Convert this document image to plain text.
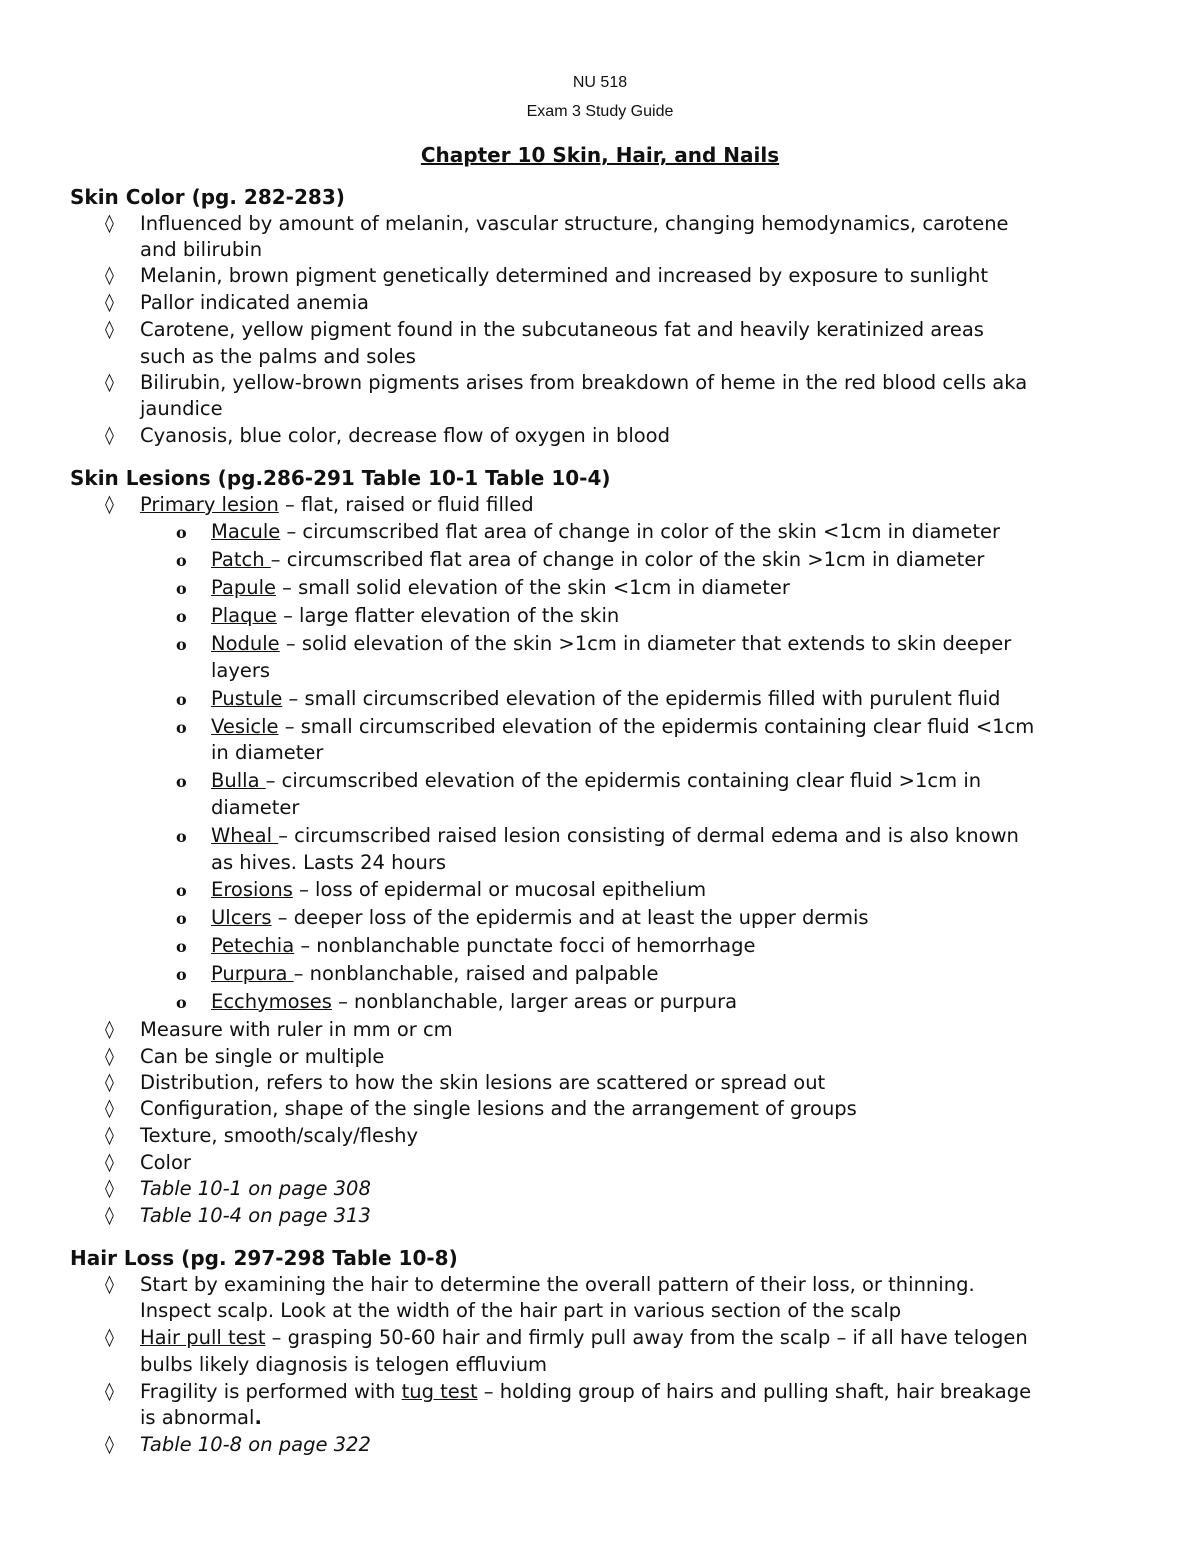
NU 518
Exam 3 Study Guide
Chapter 10 Skin, Hair, and Nails
Skin Color (pg. 282-283)
◊ Influenced by amount of melanin, vascular structure, changing hemodynamics, carotene
and bilirubin
◊ Melanin, brown pigment genetically determined and increased by exposure to sunlight
◊ Pallor indicated anemia
◊ Carotene, yellow pigment found in the subcutaneous fat and heavily keratinized areas
such as the palms and soles
◊ Bilirubin, yellow-brown pigments arises from breakdown of heme in the red blood cells aka
jaundice
◊ Cyanosis, blue color, decrease flow of oxygen in blood
Skin Lesions (pg.286-291 Table 10-1 Table 10-4)
◊ Primary lesion – flat, raised or fluid filled
o Macule – circumscribed flat area of change in color of the skin <1cm in diameter
o Patch – circumscribed flat area of change in color of the skin >1cm in diameter
o Papule – small solid elevation of the skin <1cm in diameter
o Plaque – large flatter elevation of the skin
o Nodule – solid elevation of the skin >1cm in diameter that extends to skin deeper
layers
o Pustule – small circumscribed elevation of the epidermis filled with purulent fluid
o Vesicle – small circumscribed elevation of the epidermis containing clear fluid <1cm
in diameter
o Bulla – circumscribed elevation of the epidermis containing clear fluid >1cm in
diameter
o Wheal – circumscribed raised lesion consisting of dermal edema and is also known
as hives. Lasts 24 hours
o Erosions – loss of epidermal or mucosal epithelium
o Ulcers – deeper loss of the epidermis and at least the upper dermis
o Petechia – nonblanchable punctate focci of hemorrhage
o Purpura – nonblanchable, raised and palpable
o Ecchymoses – nonblanchable, larger areas or purpura
◊ Measure with ruler in mm or cm
◊ Can be single or multiple
◊ Distribution, refers to how the skin lesions are scattered or spread out
◊ Configuration, shape of the single lesions and the arrangement of groups
◊ Texture, smooth/scaly/fleshy
◊ Color
◊ Table 10-1 on page 308
◊ Table 10-4 on page 313
Hair Loss (pg. 297-298 Table 10-8)
◊ Start by examining the hair to determine the overall pattern of their loss, or thinning.
Inspect scalp. Look at the width of the hair part in various section of the scalp
◊ Hair pull test – grasping 50-60 hair and firmly pull away from the scalp – if all have telogen
bulbs likely diagnosis is telogen effluvium
◊ Fragility is performed with tug test – holding group of hairs and pulling shaft, hair breakage
is abnormal.
◊ Table 10-8 on page 322
